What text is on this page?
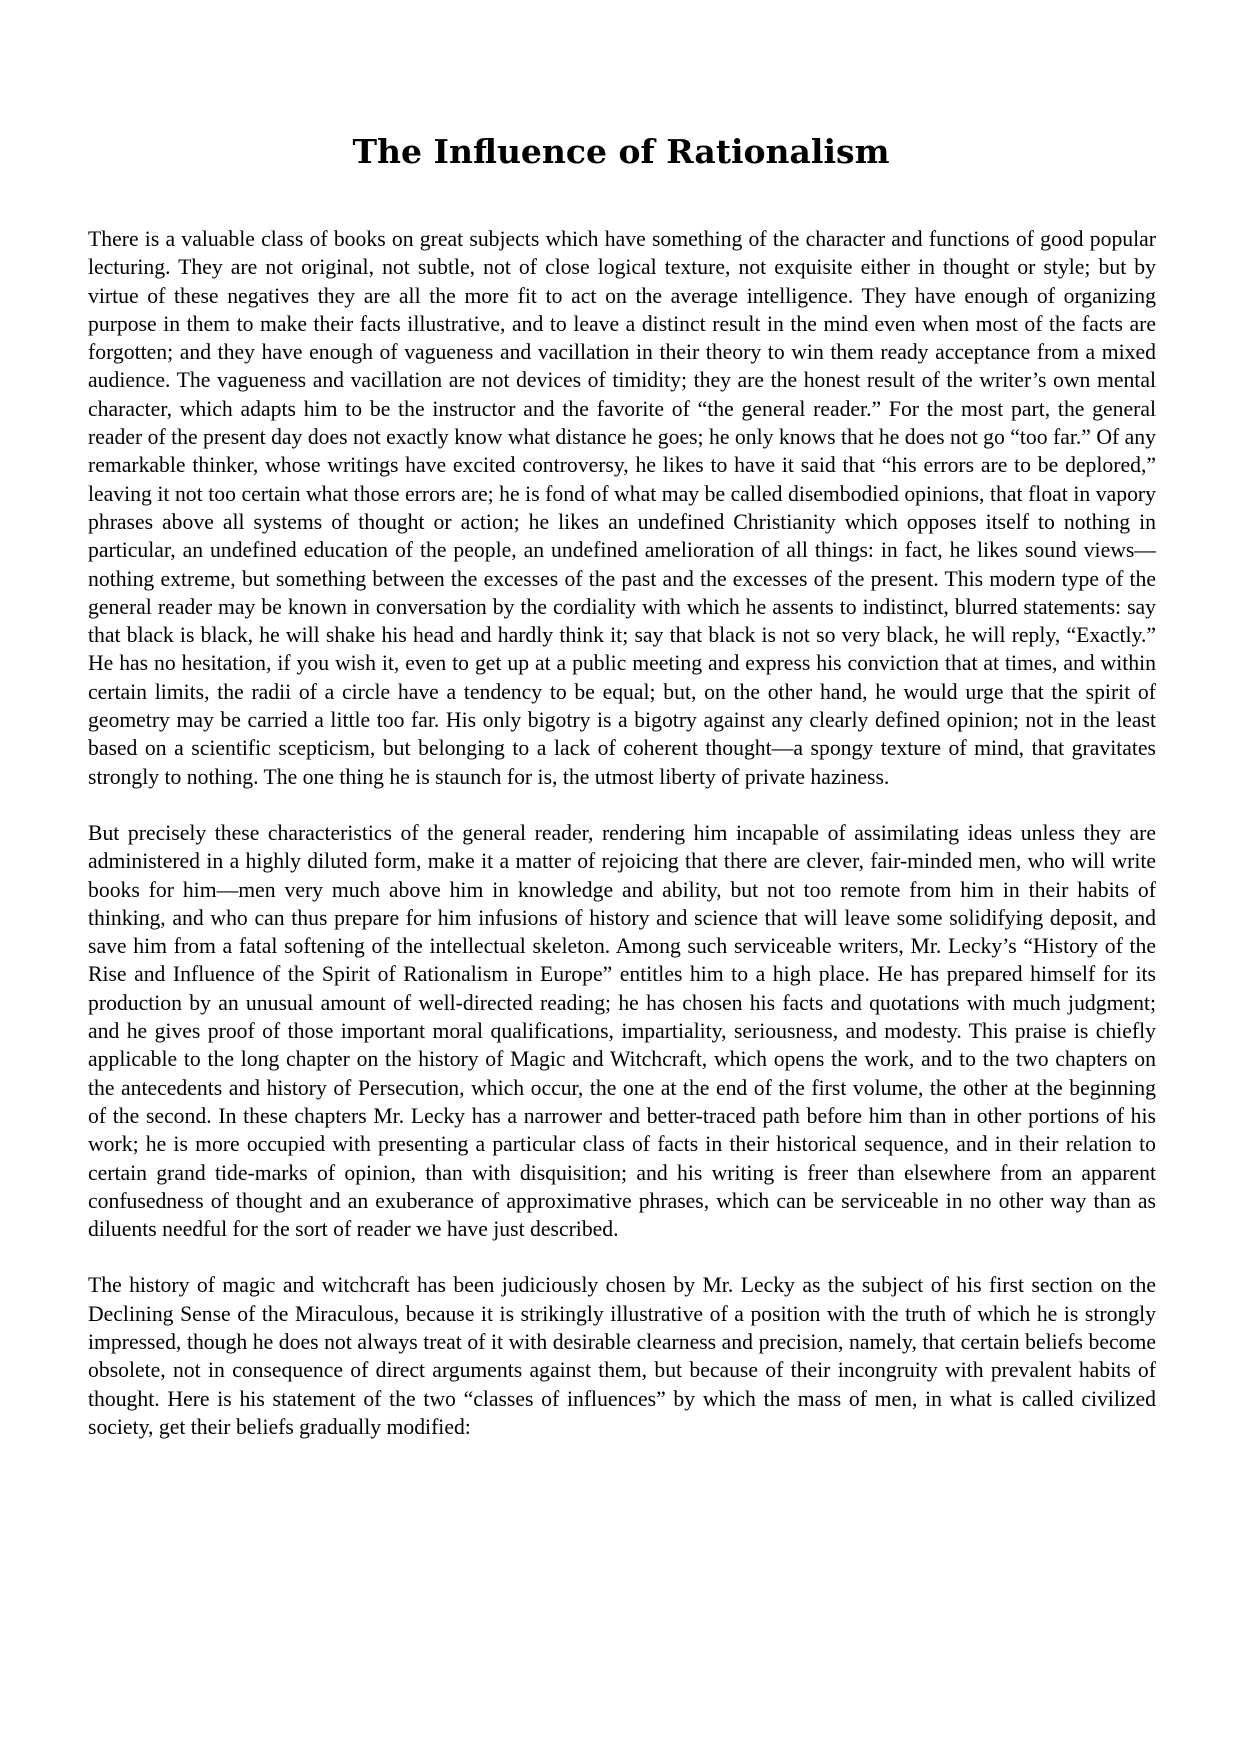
The Influence of Rationalism

There is a valuable class of books on great subjects which have something of the character and functions of good popular lecturing. They are not original, not subtle, not of close logical texture, not exquisite either in thought or style; but by virtue of these negatives they are all the more fit to act on the average intelligence. They have enough of organizing purpose in them to make their facts illustrative, and to leave a distinct result in the mind even when most of the facts are forgotten; and they have enough of vagueness and vacillation in their theory to win them ready acceptance from a mixed audience. The vagueness and vacillation are not devices of timidity; they are the honest result of the writer’s own mental character, which adapts him to be the instructor and the favorite of “the general reader.” For the most part, the general reader of the present day does not exactly know what distance he goes; he only knows that he does not go “too far.” Of any remarkable thinker, whose writings have excited controversy, he likes to have it said that “his errors are to be deplored,” leaving it not too certain what those errors are; he is fond of what may be called disembodied opinions, that float in vapory phrases above all systems of thought or action; he likes an undefined Christianity which opposes itself to nothing in particular, an undefined education of the people, an undefined amelioration of all things: in fact, he likes sound views—nothing extreme, but something between the excesses of the past and the excesses of the present. This modern type of the general reader may be known in conversation by the cordiality with which he assents to indistinct, blurred statements: say that black is black, he will shake his head and hardly think it; say that black is not so very black, he will reply, “Exactly.” He has no hesitation, if you wish it, even to get up at a public meeting and express his conviction that at times, and within certain limits, the radii of a circle have a tendency to be equal; but, on the other hand, he would urge that the spirit of geometry may be carried a little too far. His only bigotry is a bigotry against any clearly defined opinion; not in the least based on a scientific scepticism, but belonging to a lack of coherent thought—a spongy texture of mind, that gravitates strongly to nothing. The one thing he is staunch for is, the utmost liberty of private haziness.

But precisely these characteristics of the general reader, rendering him incapable of assimilating ideas unless they are administered in a highly diluted form, make it a matter of rejoicing that there are clever, fair-minded men, who will write books for him—men very much above him in knowledge and ability, but not too remote from him in their habits of thinking, and who can thus prepare for him infusions of history and science that will leave some solidifying deposit, and save him from a fatal softening of the intellectual skeleton. Among such serviceable writers, Mr. Lecky’s “History of the Rise and Influence of the Spirit of Rationalism in Europe” entitles him to a high place. He has prepared himself for its production by an unusual amount of well-directed reading; he has chosen his facts and quotations with much judgment; and he gives proof of those important moral qualifications, impartiality, seriousness, and modesty. This praise is chiefly applicable to the long chapter on the history of Magic and Witchcraft, which opens the work, and to the two chapters on the antecedents and history of Persecution, which occur, the one at the end of the first volume, the other at the beginning of the second. In these chapters Mr. Lecky has a narrower and better-traced path before him than in other portions of his work; he is more occupied with presenting a particular class of facts in their historical sequence, and in their relation to certain grand tide-marks of opinion, than with disquisition; and his writing is freer than elsewhere from an apparent confusedness of thought and an exuberance of approximative phrases, which can be serviceable in no other way than as diluents needful for the sort of reader we have just described.

The history of magic and witchcraft has been judiciously chosen by Mr. Lecky as the subject of his first section on the Declining Sense of the Miraculous, because it is strikingly illustrative of a position with the truth of which he is strongly impressed, though he does not always treat of it with desirable clearness and precision, namely, that certain beliefs become obsolete, not in consequence of direct arguments against them, but because of their incongruity with prevalent habits of thought. Here is his statement of the two “classes of influences” by which the mass of men, in what is called civilized society, get their beliefs gradually modified:
